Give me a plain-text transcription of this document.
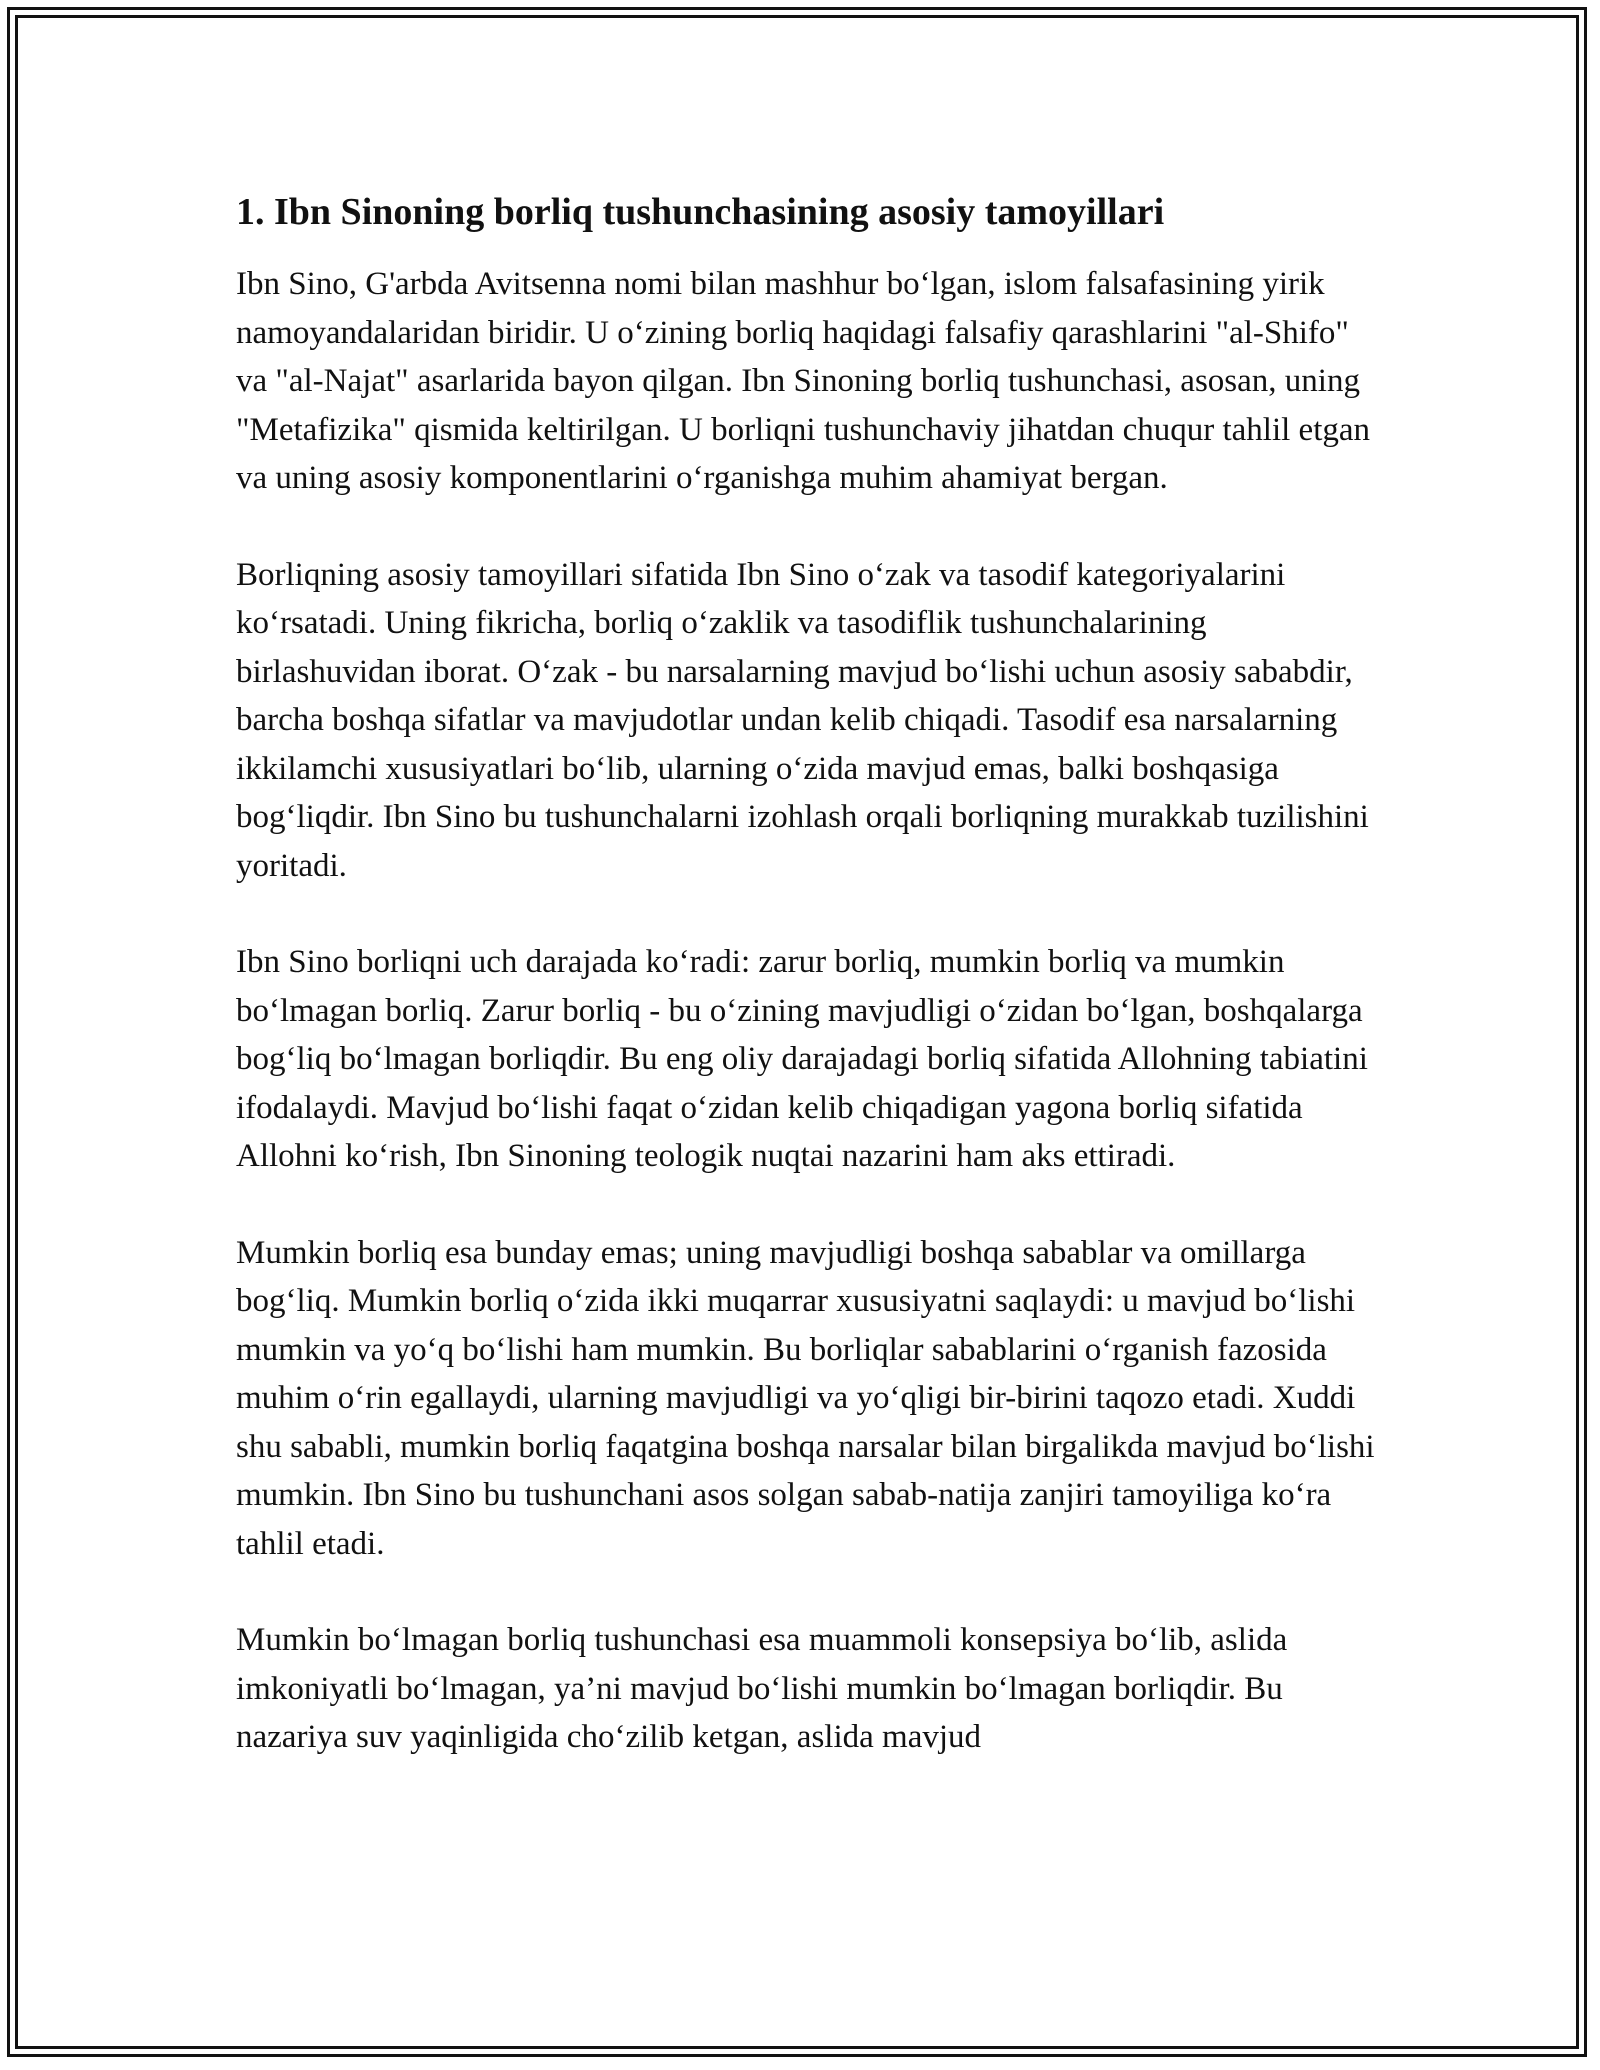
1. Ibn Sinoning borliq tushunchasining asosiy tamoyillari

Ibn Sino, G'arbda Avitsenna nomi bilan mashhur bo‘lgan, islom falsafasining yirik namoyandalaridan biridir. U o‘zining borliq haqidagi falsafiy qarashlarini "al-Shifo" va "al-Najat" asarlarida bayon qilgan. Ibn Sinoning borliq tushunchasi, asosan, uning "Metafizika" qismida keltirilgan. U borliqni tushunchaviy jihatdan chuqur tahlil etgan va uning asosiy komponentlarini o‘rganishga muhim ahamiyat bergan.

Borliqning asosiy tamoyillari sifatida Ibn Sino o‘zak va tasodif kategoriyalarini ko‘rsatadi. Uning fikricha, borliq o‘zaklik va tasodiflik tushunchalarining birlashuvidan iborat. O‘zak - bu narsalarning mavjud bo‘lishi uchun asosiy sababdir, barcha boshqa sifatlar va mavjudotlar undan kelib chiqadi. Tasodif esa narsalarning ikkilamchi xususiyatlari bo‘lib, ularning o‘zida mavjud emas, balki boshqasiga bog‘liqdir. Ibn Sino bu tushunchalarni izohlash orqali borliqning murakkab tuzilishini yoritadi.

Ibn Sino borliqni uch darajada ko‘radi: zarur borliq, mumkin borliq va mumkin bo‘lmagan borliq. Zarur borliq - bu o‘zining mavjudligi o‘zidan bo‘lgan, boshqalarga bog‘liq bo‘lmagan borliqdir. Bu eng oliy darajadagi borliq sifatida Allohning tabiatini ifodalaydi. Mavjud bo‘lishi faqat o‘zidan kelib chiqadigan yagona borliq sifatida Allohni ko‘rish, Ibn Sinoning teologik nuqtai nazarini ham aks ettiradi.

Mumkin borliq esa bunday emas; uning mavjudligi boshqa sabablar va omillarga bog‘liq. Mumkin borliq o‘zida ikki muqarrar xususiyatni saqlaydi: u mavjud bo‘lishi mumkin va yo‘q bo‘lishi ham mumkin. Bu borliqlar sabablarini o‘rganish fazosida muhim o‘rin egallaydi, ularning mavjudligi va yo‘qligi bir-birini taqozo etadi. Xuddi shu sababli, mumkin borliq faqatgina boshqa narsalar bilan birgalikda mavjud bo‘lishi mumkin. Ibn Sino bu tushunchani asos solgan sabab-natija zanjiri tamoyiliga ko‘ra tahlil etadi.

Mumkin bo‘lmagan borliq tushunchasi esa muammoli konsepsiya bo‘lib, aslida imkoniyatli bo‘lmagan, ya’ni mavjud bo‘lishi mumkin bo‘lmagan borliqdir. Bu nazariya suv yaqinligida cho‘zilib ketgan, aslida mavjud
